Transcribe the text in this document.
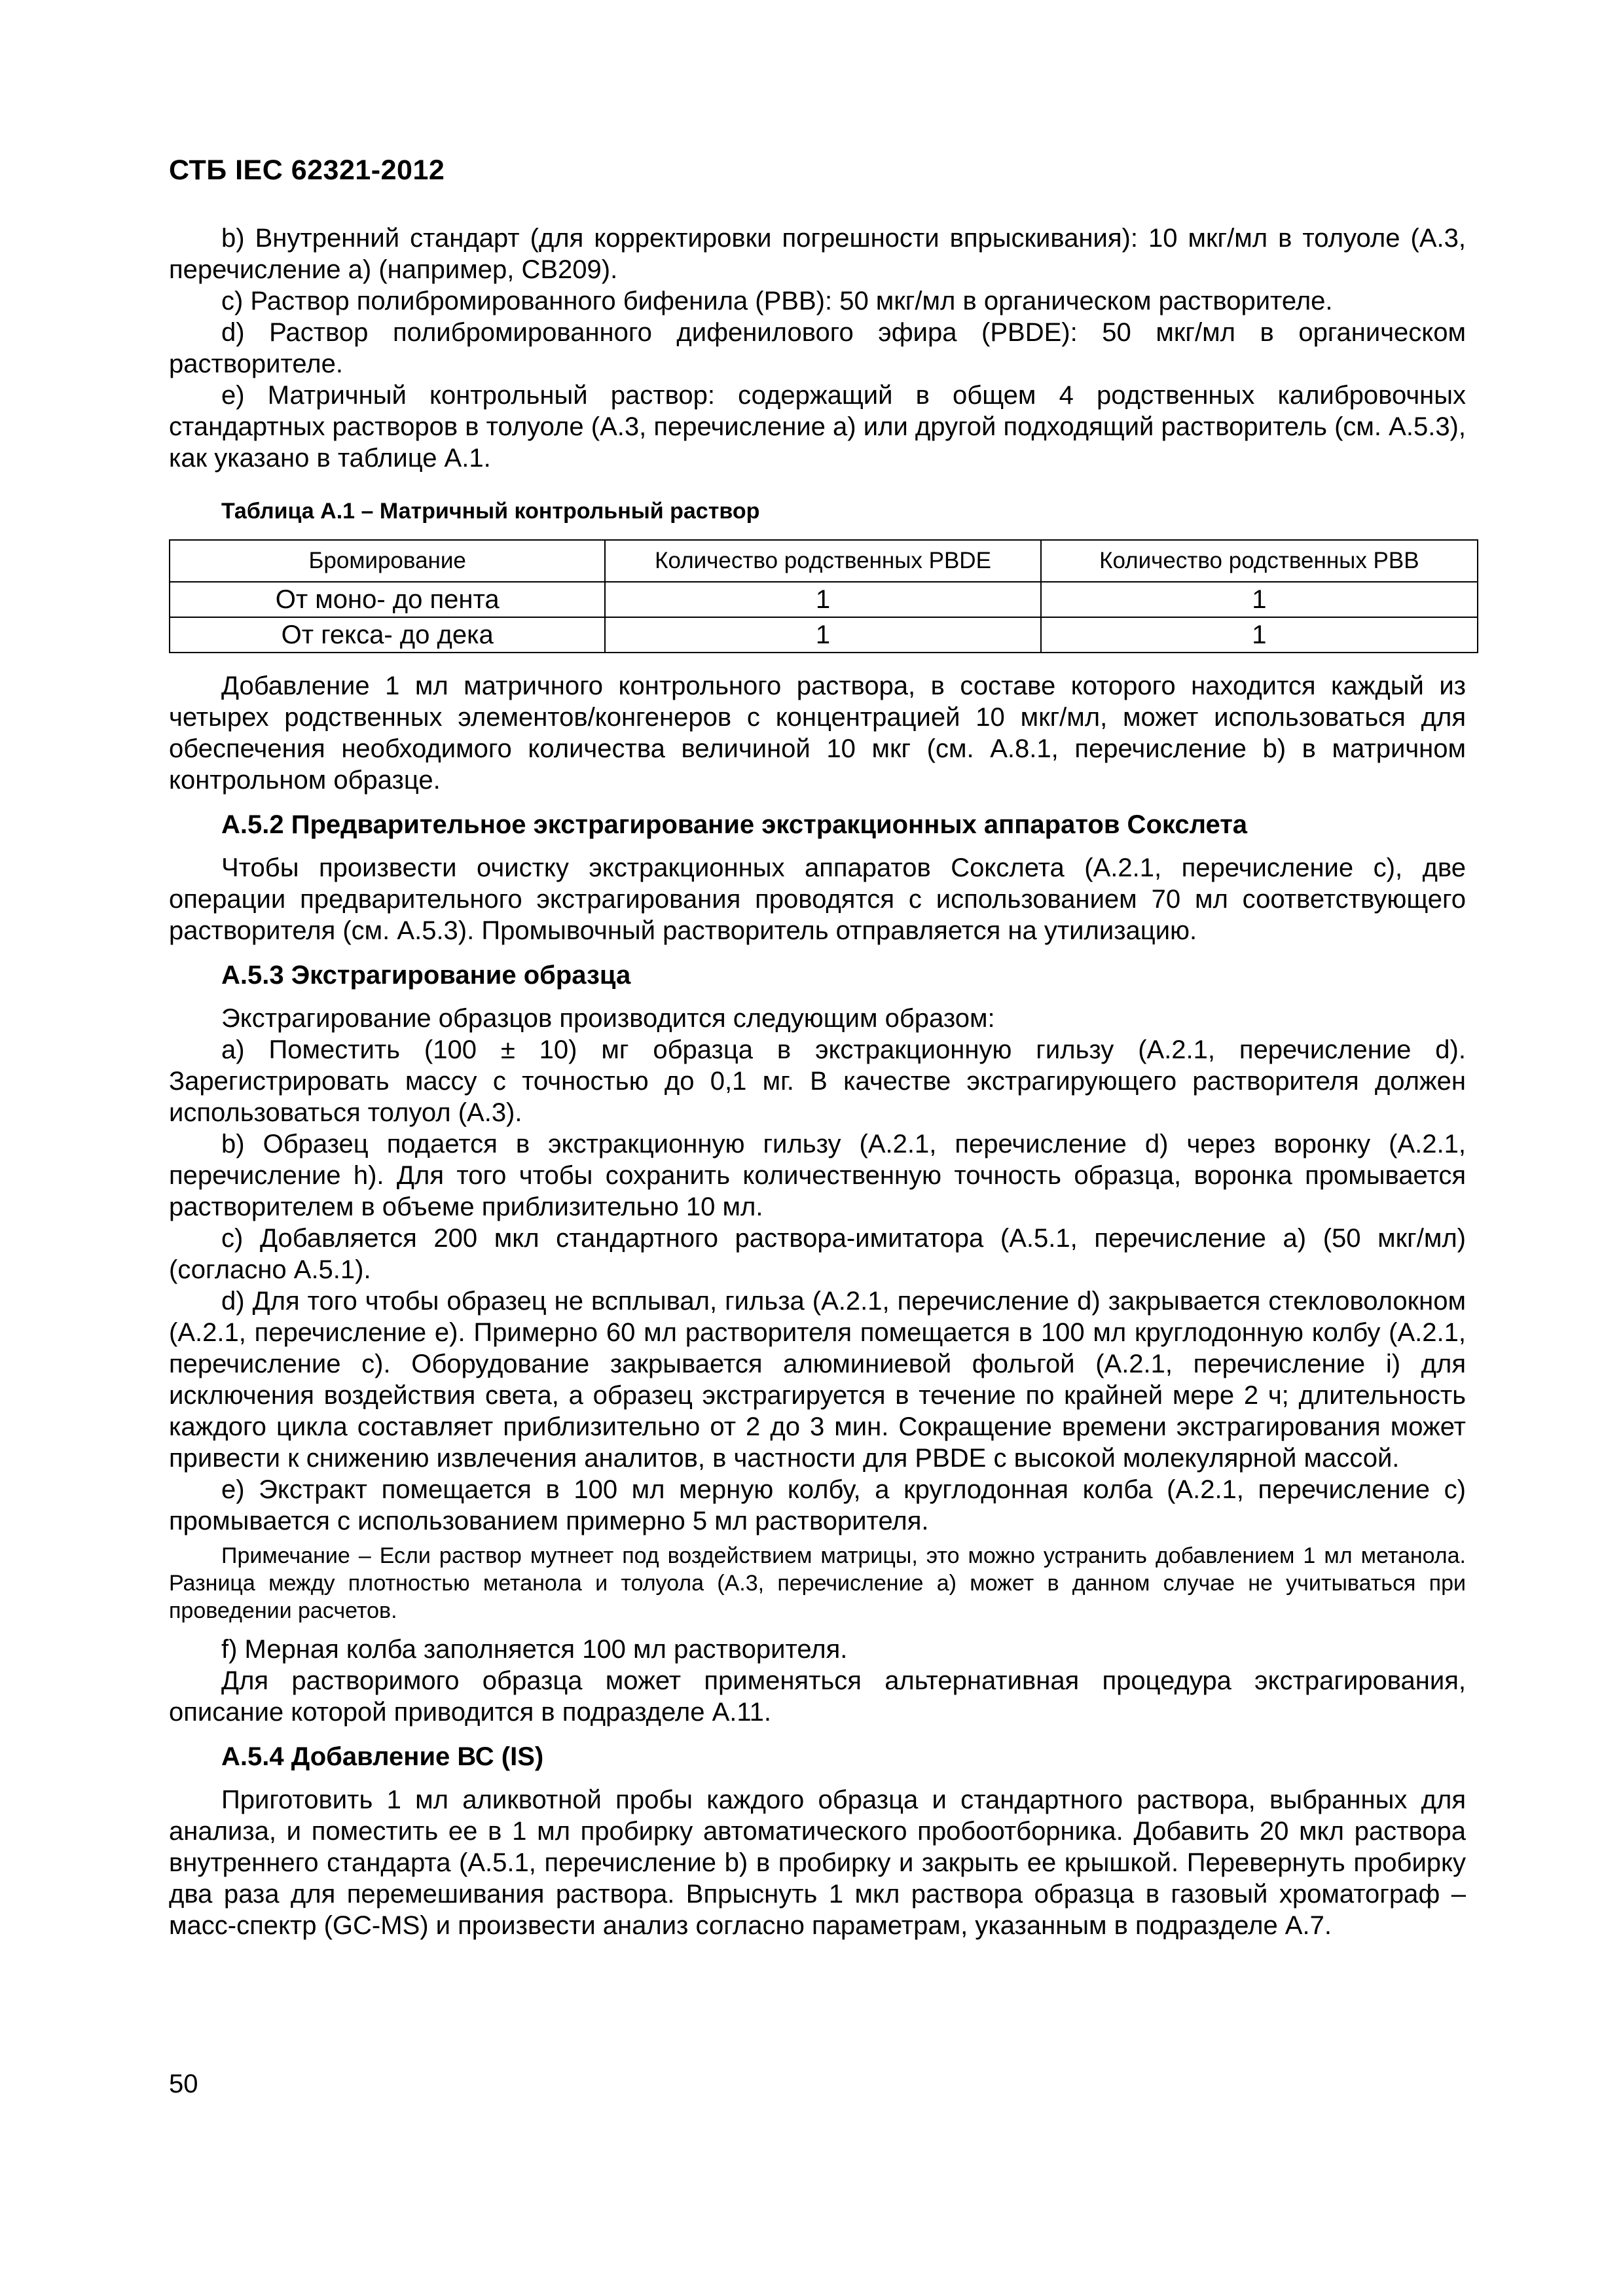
СТБ IEC 62321-2012

b) Внутренний стандарт (для корректировки погрешности впрыскивания): 10 мкг/мл в толуоле (А.3, перечисление а) (например, CB209).

c) Раствор полибромированного бифенила (PBB): 50 мкг/мл в органическом растворителе.

d) Раствор полибромированного дифенилового эфира (PBDE): 50 мкг/мл в органическом растворителе.

e) Матричный контрольный раствор: содержащий в общем 4 родственных калибровочных стандартных растворов в толуоле (А.3, перечисление а) или другой подходящий растворитель (см. А.5.3), как указано в таблице А.1.

Таблица А.1 – Матричный контрольный раствор
Бромирование	Количество родственных PBDE	Количество родственных PBB
От моно- до пента	1	1
От гекса- до дека	1	1

Добавление 1 мл матричного контрольного раствора, в составе которого находится каждый из четырех родственных элементов/конгенеров с концентрацией 10 мкг/мл, может использоваться для обеспечения необходимого количества величиной 10 мкг (см. А.8.1, перечисление b) в матричном контрольном образце.

А.5.2 Предварительное экстрагирование экстракционных аппаратов Сокслета

Чтобы произвести очистку экстракционных аппаратов Сокслета (А.2.1, перечисление с), две операции предварительного экстрагирования проводятся с использованием 70 мл соответствующего растворителя (см. А.5.3). Промывочный растворитель отправляется на утилизацию.

А.5.3 Экстрагирование образца

Экстрагирование образцов производится следующим образом:

a) Поместить (100 ± 10) мг образца в экстракционную гильзу (А.2.1, перечисление d). Зарегистрировать массу с точностью до 0,1 мг. В качестве экстрагирующего растворителя должен использоваться толуол (А.3).

b) Образец подается в экстракционную гильзу (А.2.1, перечисление d) через воронку (А.2.1, перечисление h). Для того чтобы сохранить количественную точность образца, воронка промывается растворителем в объеме приблизительно 10 мл.

c) Добавляется 200 мкл стандартного раствора-имитатора (А.5.1, перечисление а) (50 мкг/мл) (согласно А.5.1).

d) Для того чтобы образец не всплывал, гильза (А.2.1, перечисление d) закрывается стекловолокном (А.2.1, перечисление e). Примерно 60 мл растворителя помещается в 100 мл круглодонную колбу (А.2.1, перечисление с). Оборудование закрывается алюминиевой фольгой (А.2.1, перечисление i) для исключения воздействия света, а образец экстрагируется в течение по крайней мере 2 ч; длительность каждого цикла составляет приблизительно от 2 до 3 мин. Сокращение времени экстрагирования может привести к снижению извлечения аналитов, в частности для PBDE с высокой молекулярной массой.

e) Экстракт помещается в 100 мл мерную колбу, а круглодонная колба (А.2.1, перечисление с) промывается с использованием примерно 5 мл растворителя.

Примечание – Если раствор мутнеет под воздействием матрицы, это можно устранить добавлением 1 мл метанола. Разница между плотностью метанола и толуола (А.3, перечисление а) может в данном случае не учитываться при проведении расчетов.

f) Мерная колба заполняется 100 мл растворителя.

Для растворимого образца может применяться альтернативная процедура экстрагирования, описание которой приводится в подразделе А.11.

А.5.4 Добавление ВС (IS)

Приготовить 1 мл аликвотной пробы каждого образца и стандартного раствора, выбранных для анализа, и поместить ее в 1 мл пробирку автоматического пробоотборника. Добавить 20 мкл раствора внутреннего стандарта (А.5.1, перечисление b) в пробирку и закрыть ее крышкой. Перевернуть пробирку два раза для перемешивания раствора. Впрыснуть 1 мкл раствора образца в газовый хроматограф – масс-спектр (GC-MS) и произвести анализ согласно параметрам, указанным в подразделе А.7.

50
